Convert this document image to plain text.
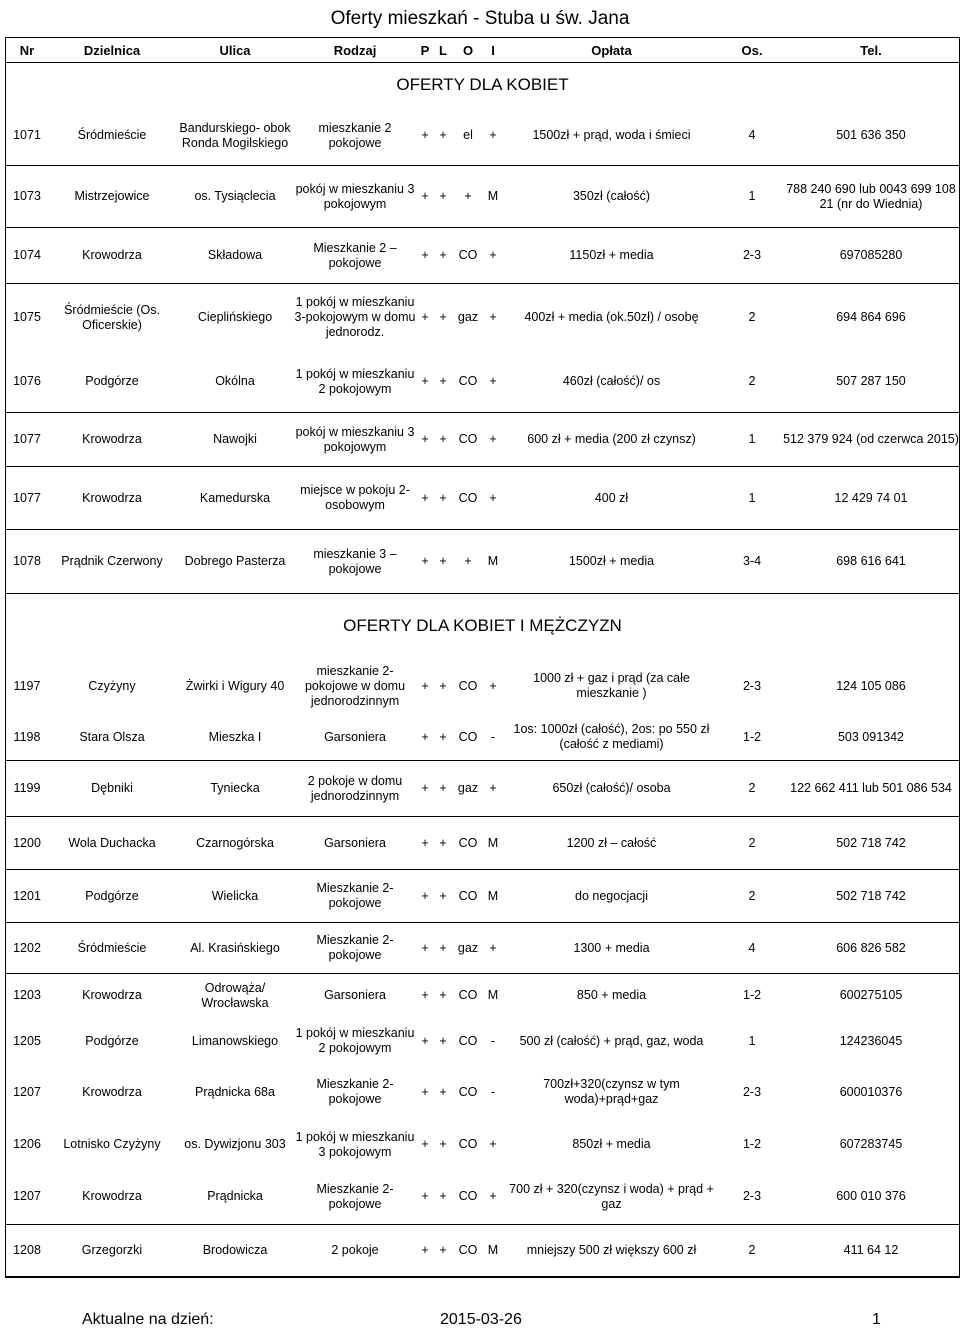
Oferty mieszkań - Stuba u św. Jana
Nr	Dzielnica	Ulica	Rodzaj	P	L	O	I	Opłata	Os.	Tel.
OFERTY DLA KOBIET										
1071	Śródmieście	Bandurskiego- obok Ronda Mogilskiego	mieszkanie 2 pokojowe	+	+	el	+	1500zł + prąd, woda i śmieci	4	501 636 350
1073	Mistrzejowice	os. Tysiąclecia	pokój w mieszkaniu 3 pokojowym	+	+	+	M	350zł (całość)	1	788 240 690 lub 0043 699 108 21 (nr do Wiednia)
1074	Krowodrza	Składowa	Mieszkanie 2 – pokojowe	+	+	CO	+	1150zł + media	2-3	697085280
1075	Śródmieście (Os. Oficerskie)	Cieplińskiego	1 pokój w mieszkaniu 3-pokojowym w domu jednorodz.	+	+	gaz	+	400zł + media (ok.50zł) / osobę	2	694 864 696
1076	Podgórze	Okólna	1 pokój w mieszkaniu 2 pokojowym	+	+	CO	+	460zł (całość)/ os	2	507 287 150
1077	Krowodrza	Nawojki	pokój w mieszkaniu 3 pokojowym	+	+	CO	+	600 zł + media (200 zł czynsz)	1	512 379 924 (od czerwca 2015)
1077	Krowodrza	Kamedurska	miejsce w pokoju 2-osobowym	+	+	CO	+	400 zł	1	12 429 74 01
1078	Prądnik Czerwony	Dobrego Pasterza	mieszkanie 3 – pokojowe	+	+	+	M	1500zł + media	3-4	698 616 641
OFERTY DLA KOBIET I MĘŻCZYZN										
1197	Czyżyny	Żwirki i Wigury 40	mieszkanie 2-pokojowe w domu jednorodzinnym	+	+	CO	+	1000 zł + gaz i prąd (za całe mieszkanie )	2-3	124 105 086
1198	Stara Olsza	Mieszka I	Garsoniera	+	+	CO	-	1os: 1000zł (całość), 2os: po 550 zł (całość z mediami)	1-2	503 091342
1199	Dębniki	Tyniecka	2 pokoje w domu jednorodzinnym	+	+	gaz	+	650zł (całość)/ osoba	2	122 662 411 lub 501 086 534
1200	Wola Duchacka	Czarnogórska	Garsoniera	+	+	CO	M	1200 zł – całość	2	502 718 742
1201	Podgórze	Wielicka	Mieszkanie 2-pokojowe	+	+	CO	M	do negocjacji	2	502 718 742
1202	Śródmieście	Al. Krasińskiego	Mieszkanie 2-pokojowe	+	+	gaz	+	1300 + media	4	606 826 582
1203	Krowodrza	Odrowąża/ Wrocławska	Garsoniera	+	+	CO	M	850 + media	1-2	600275105
1205	Podgórze	Limanowskiego	1 pokój w mieszkaniu 2 pokojowym	+	+	CO	-	500 zł (całość) + prąd, gaz, woda	1	124236045
1207	Krowodrza	Prądnicka 68a	Mieszkanie 2-pokojowe	+	+	CO	-	700zł+320(czynsz w tym woda)+prąd+gaz	2-3	600010376
1206	Lotnisko Czyżyny	os. Dywizjonu 303	1 pokój w mieszkaniu 3 pokojowym	+	+	CO	+	850zł + media	1-2	607283745
1207	Krowodrza	Prądnicka	Mieszkanie 2-pokojowe	+	+	CO	+	700 zł + 320(czynsz i woda) + prąd + gaz	2-3	600 010 376
1208	Grzegorzki	Brodowicza	2 pokoje	+	+	CO	M	mniejszy 500 zł większy 600 zł	2	411 64 12
Aktualne na dzień:	2015-03-26	1
